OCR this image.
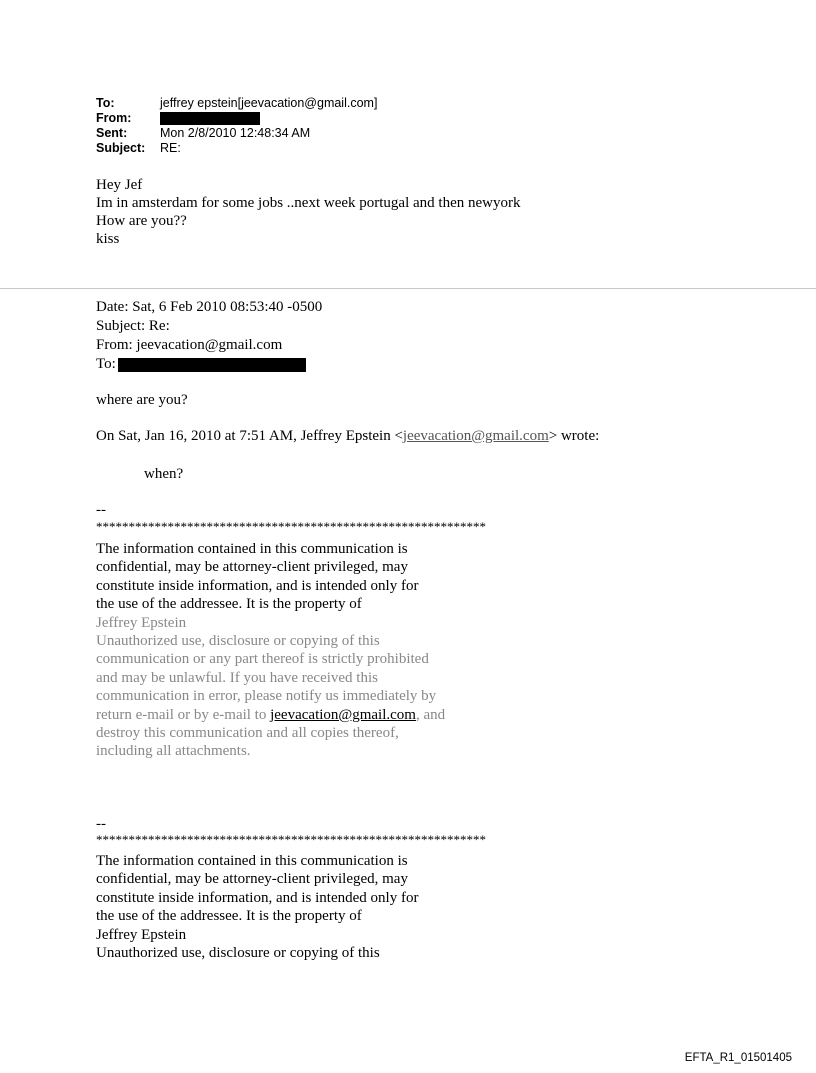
To:	jeffrey epstein[jeevacation@gmail.com]
From:
Sent:	Mon 2/8/2010 12:48:34 AM
Subject: RE:
Hey Jef
Im in amsterdam for some jobs ..next week portugal and then newyork
How are you??
kiss
Date: Sat, 6 Feb 2010 08:53:40 -0500
Subject: Re:
From: jeevacation@gmail.com
To:
where are you?
On Sat, Jan 16, 2010 at 7:51 AM, Jeffrey Epstein <jeevacation@gmail.com> wrote:
when?
--
************************************************************
The information contained in this communication is
confidential, may be attorney-client privileged, may
constitute inside information, and is intended only for
the use of the addressee. It is the property of
Jeffrey Epstein
Unauthorized use, disclosure or copying of this
communication or any part thereof is strictly prohibited
and may be unlawful. If you have received this
communication in error, please notify us immediately by
return e-mail or by e-mail to jeevacation@gmail.com, and
destroy this communication and all copies thereof,
including all attachments.
--
************************************************************
The information contained in this communication is
confidential, may be attorney-client privileged, may
constitute inside information, and is intended only for
the use of the addressee. It is the property of
Jeffrey Epstein
Unauthorized use, disclosure or copying of this
EFTA_R1_01501405
